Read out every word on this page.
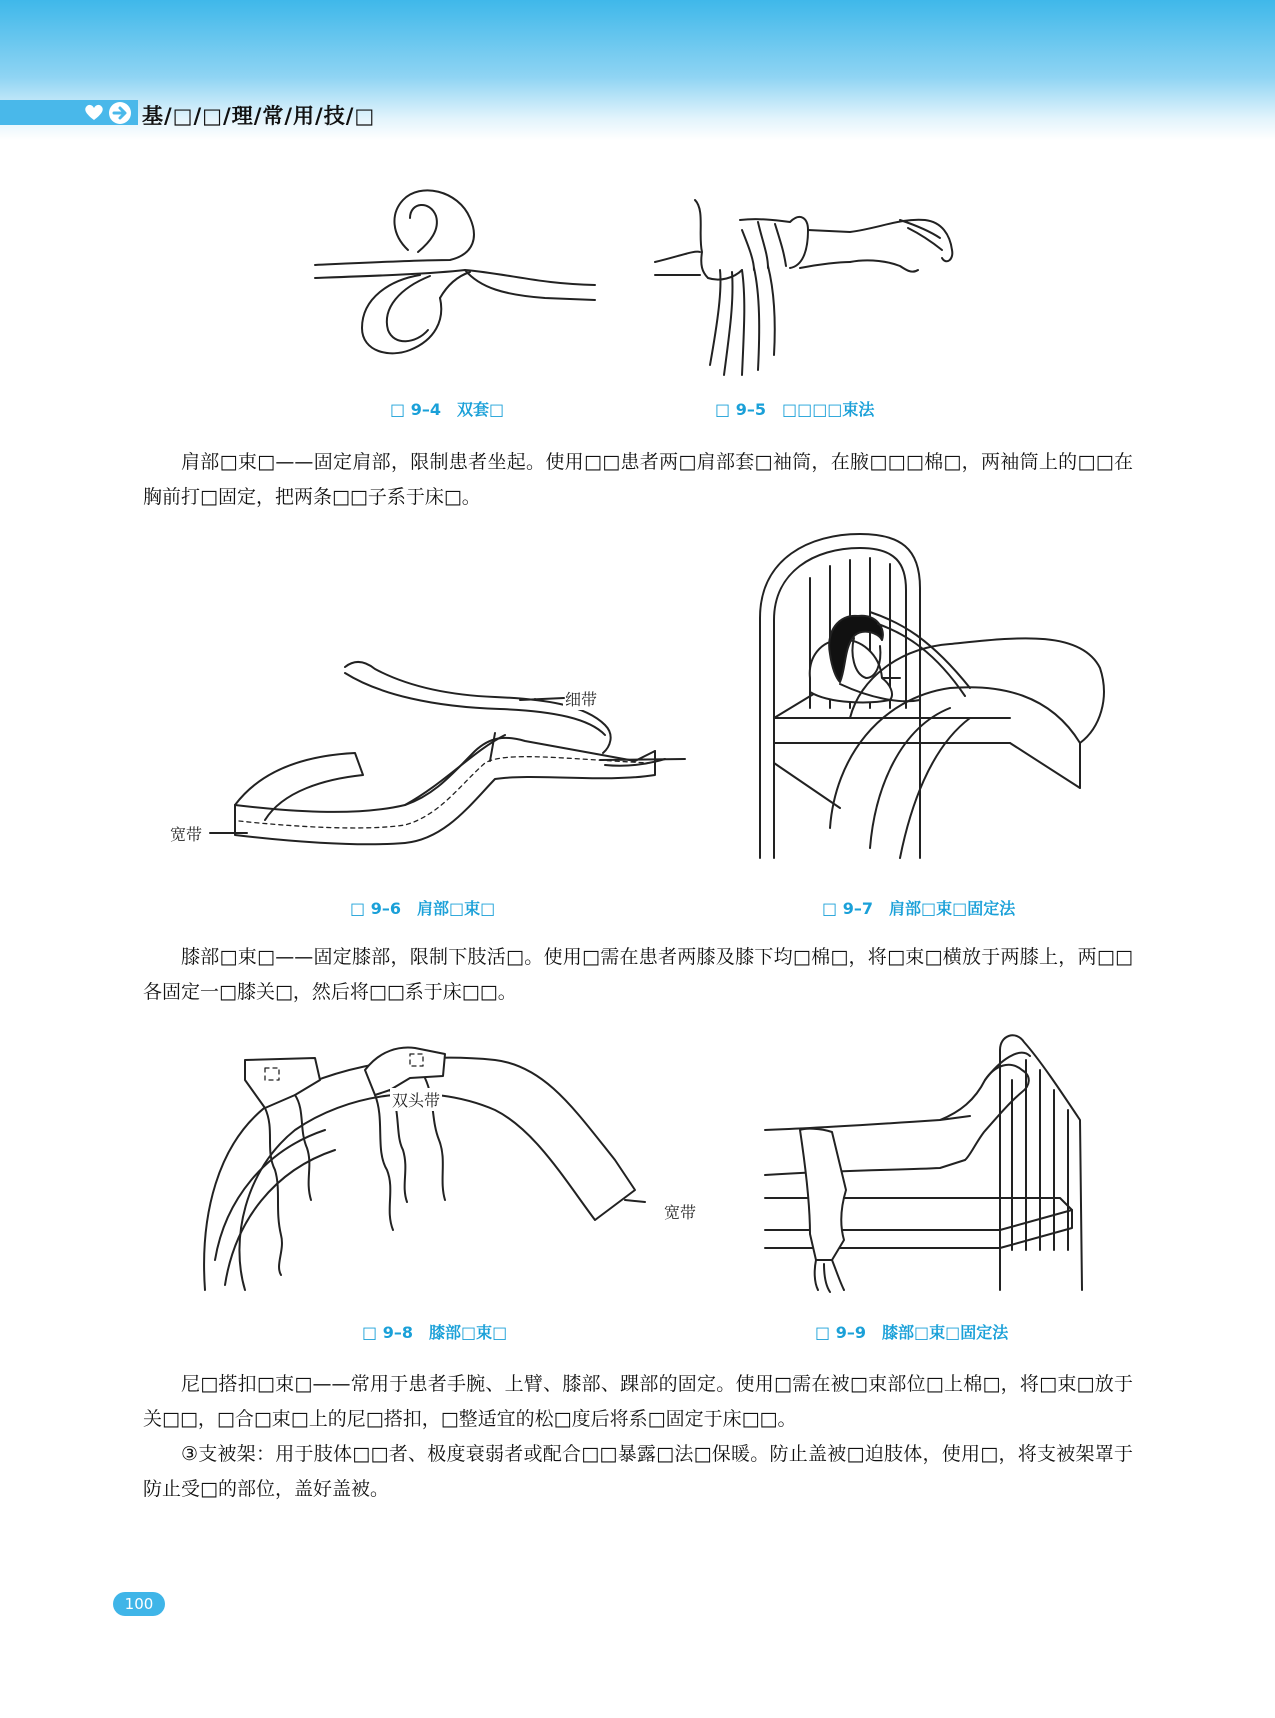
基/□/□/理/常/用/技/□
□ 9–4　双套□	□ 9–5　□□□□束法

肩部□束□——固定肩部，限制患者坐起。使用□□患者两□肩部套□袖筒，在腋□□□棉□，两袖筒上的□□在胸前打□固定，把两条□□子系于床□。

细带
宽带
□ 9–6　肩部□束□	□ 9–7　肩部□束□固定法

膝部□束□——固定膝部，限制下肢活□。使用□需在患者两膝及膝下均□棉□，将□束□横放于两膝上，两□□各固定一□膝关□，然后将□□系于床□□。

双头带
宽带
□ 9–8　膝部□束□	□ 9–9　膝部□束□固定法

尼□搭扣□束□——常用于患者手腕、上臂、膝部、踝部的固定。使用□需在被□束部位□上棉□，将□束□放于关□□，□合□束□上的尼□搭扣，□整适宜的松□度后将系□固定于床□□。

③支被架：用于肢体□□者、极度衰弱者或配合□□暴露□法□保暖。防止盖被□迫肢体，使用□，将支被架罩于防止受□的部位，盖好盖被。

100
